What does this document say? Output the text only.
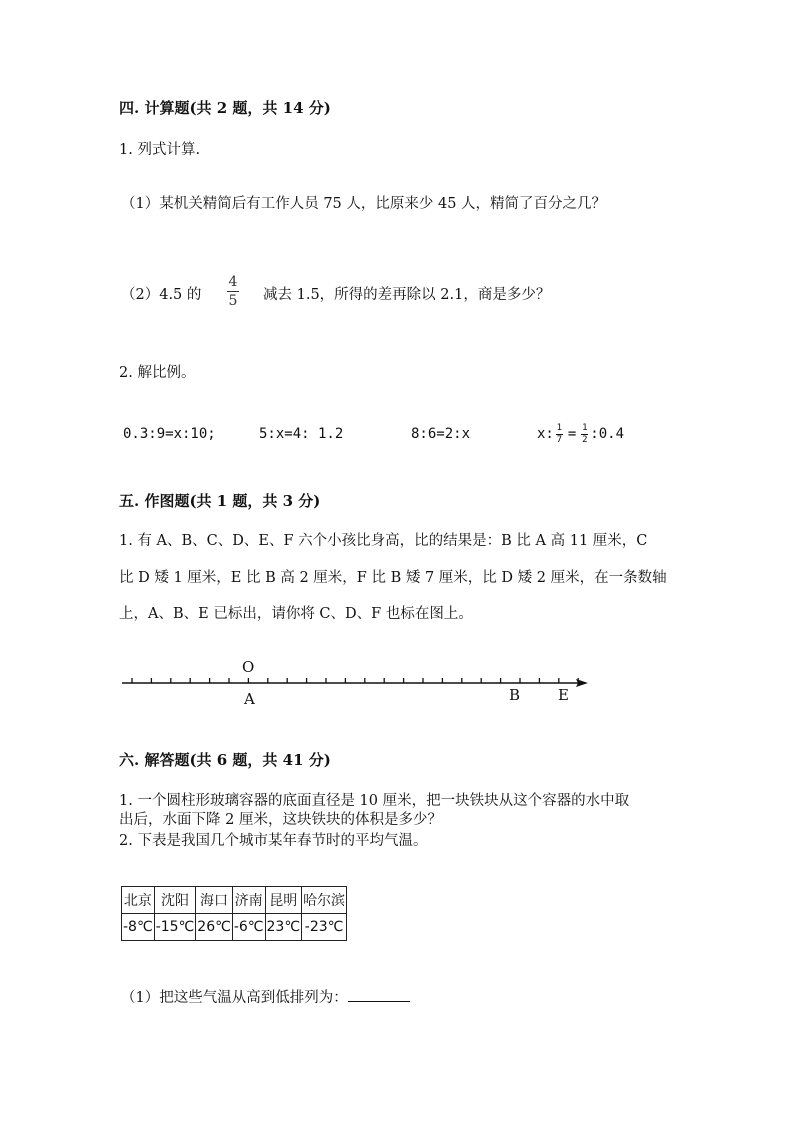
四. 计算题(共 2 题，共 14 分)
1. 列式计算.
（1）某机关精简后有工作人员 75 人，比原来少 45 人，精简了百分之几？
（2）4.5 的
4
5 减去 1.5，所得的差再除以 2.1，商是多少？
2. 解比例。
0.3:9=x:10;	5:x=4: 1.2	8:6=2:x	x: 1
7 = 1
2 :0.4
五. 作图题(共 1 题，共 3 分)
1. 有 A、B、C、D、E、F 六个小孩比身高，比的结果是：B 比 A 高 11 厘米，C
比 D 矮 1 厘米，E 比 B 高 2 厘米，F 比 B 矮 7 厘米，比 D 矮 2 厘米，在一条数轴
上，A、B、E 已标出，请你将 C、D、F 也标在图上。
O
A	B	E
六. 解答题(共 6 题，共 41 分)
1. 一个圆柱形玻璃容器的底面直径是 10 厘米，把一块铁块从这个容器的水中取
出后，水面下降 2 厘米，这块铁块的体积是多少？
2. 下表是我国几个城市某年春节时的平均气温。
北京	沈阳	海口	济南	昆明	哈尔滨
-8℃	-15℃	26℃	-6℃	23℃	-23℃
（1）把这些气温从高到低排列为：
